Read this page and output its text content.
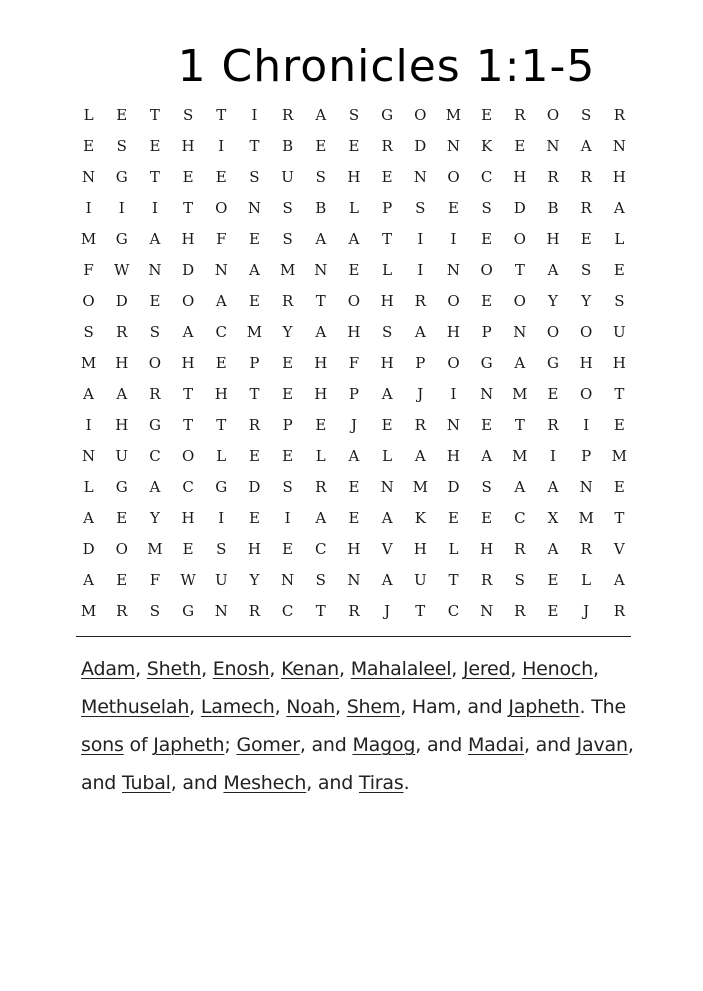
1 Chronicles 1:1-5
L	E	T	S	T	I	R	A	S	G	O	M	E	R	O	S	R
E	S	E	H	I	T	B	E	E	R	D	N	K	E	N	A	N
N	G	T	E	E	S	U	S	H	E	N	O	C	H	R	R	H
I	I	I	T	O	N	S	B	L	P	S	E	S	D	B	R	A
M	G	A	H	F	E	S	A	A	T	I	I	E	O	H	E	L
F	W	N	D	N	A	M	N	E	L	I	N	O	T	A	S	E
O	D	E	O	A	E	R	T	O	H	R	O	E	O	Y	Y	S
S	R	S	A	C	M	Y	A	H	S	A	H	P	N	O	O	U
M	H	O	H	E	P	E	H	F	H	P	O	G	A	G	H	H
A	A	R	T	H	T	E	H	P	A	J	I	N	M	E	O	T
I	H	G	T	T	R	P	E	J	E	R	N	E	T	R	I	E
N	U	C	O	L	E	E	L	A	L	A	H	A	M	I	P	M
L	G	A	C	G	D	S	R	E	N	M	D	S	A	A	N	E
A	E	Y	H	I	E	I	A	E	A	K	E	E	C	X	M	T
D	O	M	E	S	H	E	C	H	V	H	L	H	R	A	R	V
A	E	F	W	U	Y	N	S	N	A	U	T	R	S	E	L	A
M	R	S	G	N	R	C	T	R	J	T	C	N	R	E	J	R
Adam, Sheth, Enosh, Kenan, Mahalaleel, Jered, Henoch, Methuselah, Lamech, Noah, Shem, Ham, and Japheth. The sons of Japheth; Gomer, and Magog, and Madai, and Javan, and Tubal, and Meshech, and Tiras.
